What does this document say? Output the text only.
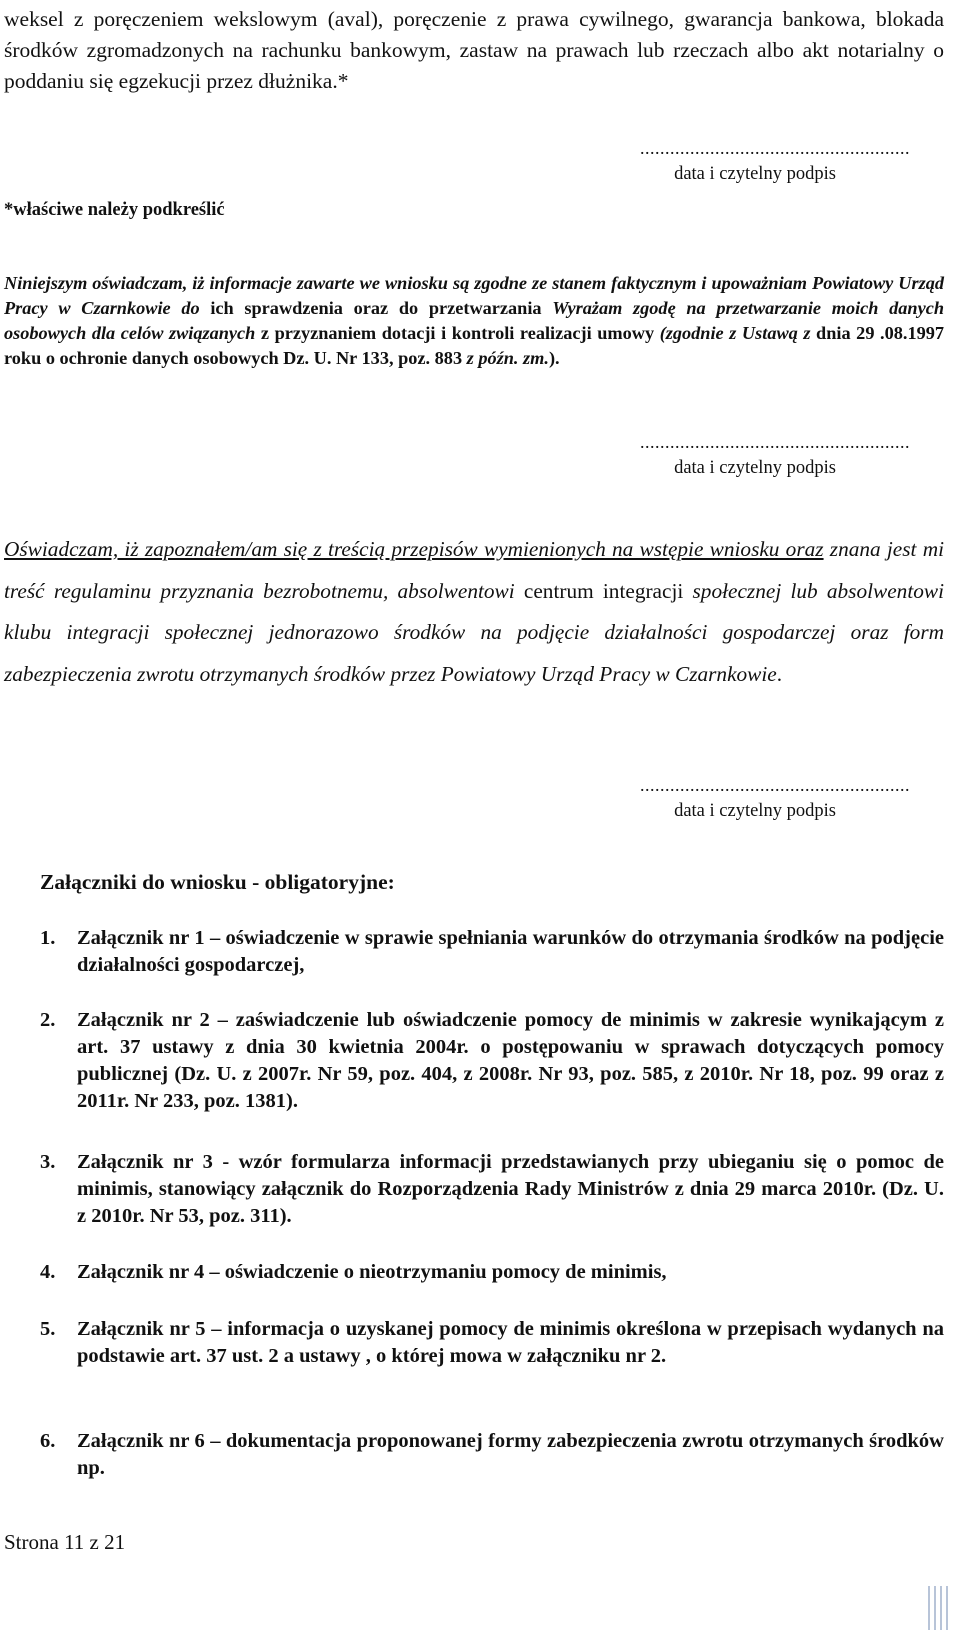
weksel z poręczeniem wekslowym (aval), poręczenie z prawa cywilnego, gwarancja bankowa, blokada środków zgromadzonych na rachunku bankowym, zastaw na prawach lub rzeczach albo akt notarialny o poddaniu się egzekucji przez dłużnika.*
......................................................
data i czytelny podpis
*właściwe należy podkreślić
Niniejszym oświadczam, iż informacje zawarte we wniosku są zgodne ze stanem faktycznym i upoważniam Powiatowy Urząd Pracy w Czarnkowie do ich sprawdzenia oraz do przetwarzania Wyrażam zgodę na przetwarzanie moich danych osobowych dla celów związanych z przyznaniem dotacji i kontroli realizacji umowy (zgodnie z Ustawą z dnia 29 .08.1997 roku o ochronie danych osobowych Dz. U. Nr 133, poz. 883 z późn. zm.).
......................................................
data i czytelny podpis
Oświadczam, iż zapoznałem/am się z treścią przepisów wymienionych na wstępie wniosku oraz znana jest mi treść regulaminu przyznania bezrobotnemu, absolwentowi centrum integracji społecznej lub absolwentowi klubu integracji społecznej jednorazowo środków na podjęcie działalności gospodarczej oraz form zabezpieczenia zwrotu otrzymanych środków przez Powiatowy Urząd Pracy w Czarnkowie.
......................................................
data i czytelny podpis
Załączniki do wniosku - obligatoryjne:
1.	Załącznik nr 1 – oświadczenie w sprawie spełniania warunków do otrzymania środków na podjęcie działalności gospodarczej,
2.	Załącznik nr 2 – zaświadczenie lub oświadczenie pomocy de minimis w zakresie wynikającym z art. 37 ustawy z dnia 30 kwietnia 2004r. o postępowaniu w sprawach dotyczących pomocy publicznej (Dz. U. z 2007r. Nr 59, poz. 404, z 2008r. Nr 93, poz. 585, z 2010r. Nr 18, poz. 99 oraz z 2011r. Nr 233, poz. 1381).
3.	Załącznik nr 3 - wzór formularza informacji przedstawianych przy ubieganiu się o pomoc de minimis, stanowiący załącznik do Rozporządzenia Rady Ministrów z dnia 29 marca 2010r. (Dz. U. z 2010r. Nr 53, poz. 311).
4.	Załącznik nr 4 – oświadczenie o nieotrzymaniu pomocy de minimis,
5.	Załącznik nr 5 – informacja o uzyskanej pomocy de minimis określona w przepisach wydanych na podstawie art. 37 ust. 2 a ustawy , o której mowa w załączniku nr 2.
6.	Załącznik nr 6 – dokumentacja proponowanej formy zabezpieczenia zwrotu otrzymanych środków np.
Strona 11 z 21
